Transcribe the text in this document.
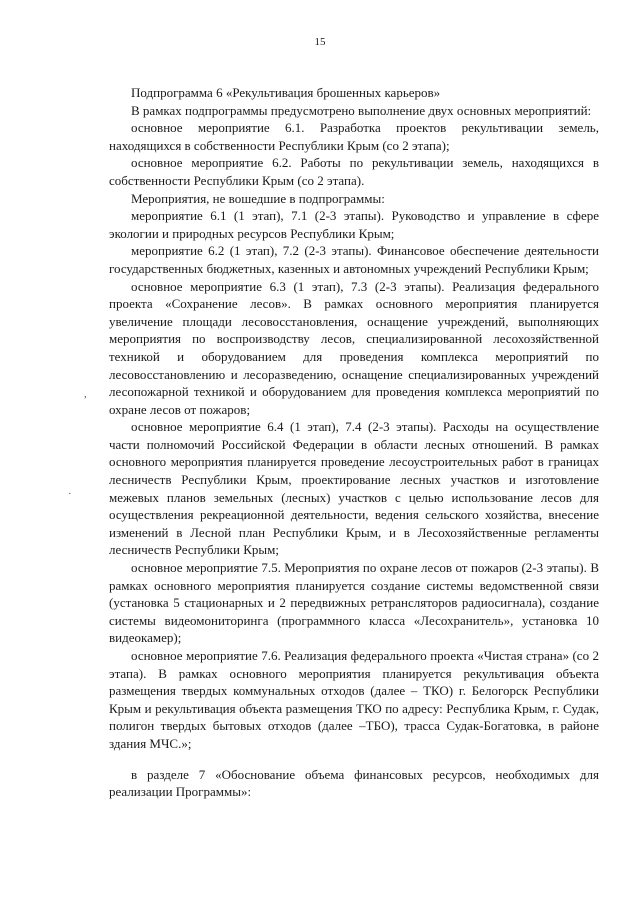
15
,
·

Подпрограмма 6 «Рекультивация брошенных карьеров»

В рамках подпрограммы предусмотрено выполнение двух основных мероприятий:

основное мероприятие 6.1. Разработка проектов рекультивации земель, находящихся в собственности Республики Крым (со 2 этапа);

основное мероприятие 6.2. Работы по рекультивации земель, находящихся в собственности Республики Крым (со 2 этапа).

Мероприятия, не вошедшие в подпрограммы:

мероприятие 6.1 (1 этап), 7.1 (2-3 этапы). Руководство и управление в сфере экологии и природных ресурсов Республики Крым;

мероприятие 6.2 (1 этап), 7.2 (2-3 этапы). Финансовое обеспечение деятельности государственных бюджетных, казенных и автономных учреждений Республики Крым;

основное мероприятие 6.3 (1 этап), 7.3 (2-3 этапы). Реализация федерального проекта «Сохранение лесов». В рамках основного мероприятия планируется увеличение площади лесовосстановления, оснащение учреждений, выполняющих мероприятия по воспроизводству лесов, специализированной лесохозяйственной техникой и оборудованием для проведения комплекса мероприятий по лесовосстановлению и лесоразведению, оснащение специализированных учреждений лесопожарной техникой и оборудованием для проведения комплекса мероприятий по охране лесов от пожаров;

основное мероприятие 6.4 (1 этап), 7.4 (2-3 этапы). Расходы на осуществление части полномочий Российской Федерации в области лесных отношений. В рамках основного мероприятия планируется проведение лесоустроительных работ в границах лесничеств Республики Крым, проектирование лесных участков и изготовление межевых планов земельных (лесных) участков с целью использование лесов для осуществления рекреационной деятельности, ведения сельского хозяйства, внесение изменений в Лесной план Республики Крым, и в Лесохозяйственные регламенты лесничеств Республики Крым;

основное мероприятие 7.5. Мероприятия по охране лесов от пожаров (2-3 этапы). В рамках основного мероприятия планируется создание системы ведомственной связи (установка 5 стационарных и 2 передвижных ретрансляторов радиосигнала), создание системы видеомониторинга (программного класса «Лесохранитель», установка 10 видеокамер);

основное мероприятие 7.6. Реализация федерального проекта «Чистая страна» (со 2 этапа). В рамках основного мероприятия планируется рекультивация объекта размещения твердых коммунальных отходов (далее – ТКО) г. Белогорск Республики Крым и рекультивация объекта размещения ТКО по адресу: Республика Крым, г. Судак, полигон твердых бытовых отходов (далее –ТБО), трасса Судак-Богатовка, в районе здания МЧС.»;

в разделе 7 «Обоснование объема финансовых ресурсов, необходимых для реализации Программы»:
